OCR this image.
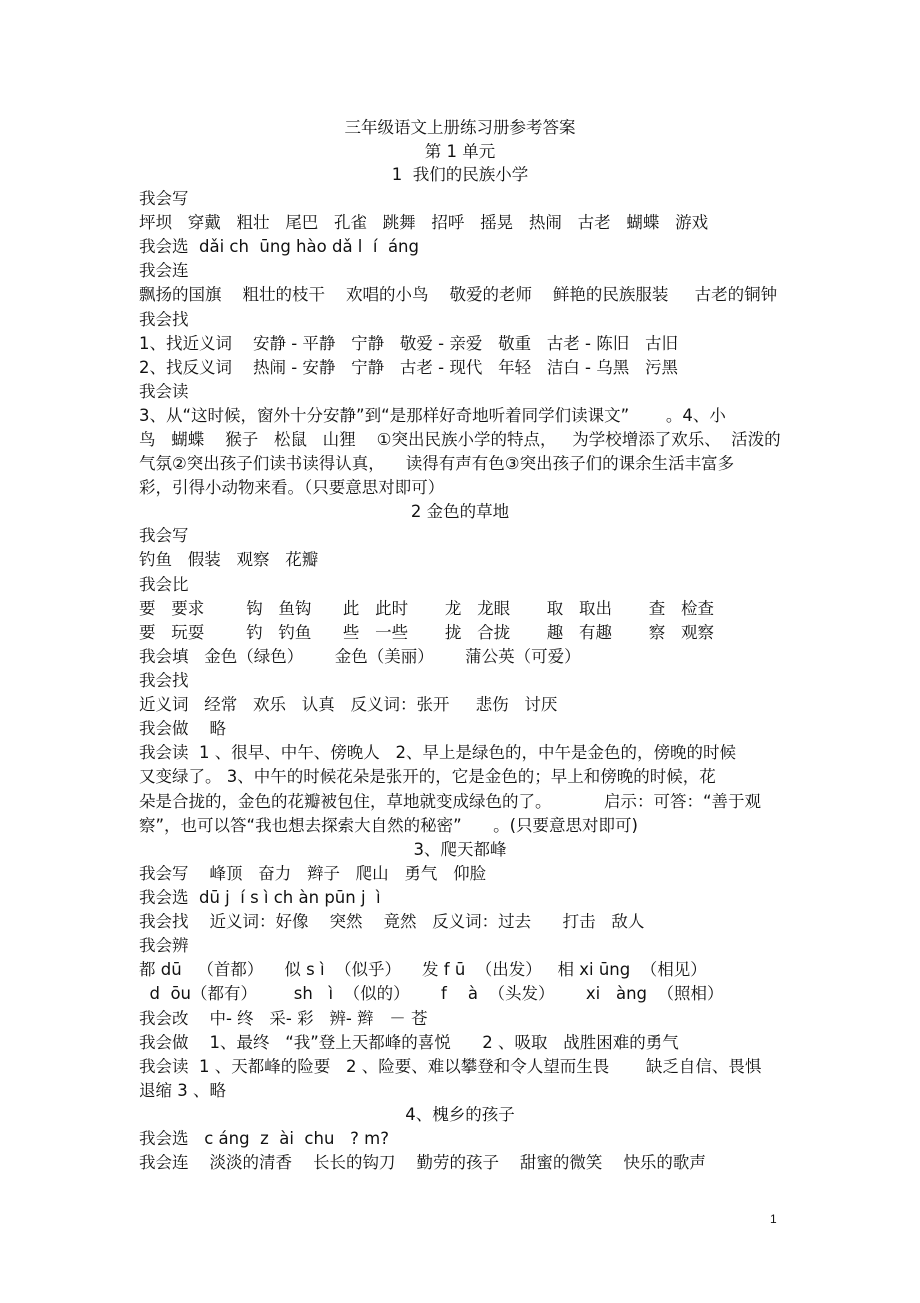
三年级语文上册练习册参考答案

第 1 单元

1  我们的民族小学

我会写

坪坝   穿戴   粗壮   尾巴   孔雀   跳舞   招呼   摇晃   热闹   古老   蝴蝶   游戏

我会选  dǎi ch  ūng hào dǎ l  í  áng

我会连

飘扬的国旗    粗壮的枝干    欢唱的小鸟    敬爱的老师    鲜艳的民族服装     古老的铜钟

我会找

1、找近义词    安静 - 平静   宁静   敬爱 - 亲爱   敬重   古老 - 陈旧   古旧

2、找反义词    热闹 - 安静   宁静   古老 - 现代   年轻   洁白 - 乌黑   污黑

我会读

3、从“这时候，窗外十分安静”到“是那样好奇地听着同学们读课文”       。4、小

鸟   蝴蝶    猴子   松鼠   山狸    ①突出民族小学的特点，   为学校增添了欢乐、  活泼的

气氛②突出孩子们读书读得认真，    读得有声有色③突出孩子们的课余生活丰富多

彩，引得小动物来看。（只要意思对即可）

2 金色的草地

我会写

钓鱼   假装   观察   花瓣

我会比

要   要求        钩   鱼钩      此   此时       龙   龙眼       取   取出       查   检查

要   玩耍        钓   钓鱼      些   一些       拢   合拢       趣   有趣       察   观察

我会填   金色（绿色）      金色（美丽）      蒲公英（可爱）

我会找

近义词   经常   欢乐   认真   反义词：张开     悲伤   讨厌

我会做    略

我会读  1 、很早、中午、傍晚人   2、早上是绿色的，中午是金色的，傍晚的时候

又变绿了。 3、中午的时候花朵是张开的，它是金色的；早上和傍晚的时候，花

朵是合拢的，金色的花瓣被包住，草地就变成绿色的了。          启示：可答：“善于观

察”，也可以答“我也想去探索大自然的秘密”      。(只要意思对即可)

3、爬天都峰

我会写    峰顶   奋力   辫子   爬山   勇气   仰脸

我会选  dū j  í s ì ch àn pūn j  ì

我会找    近义词：好像    突然    竟然   反义词：过去      打击   敌人

我会辨

都 dū   （首都）    似 s ì  （似乎）    发 f ū  （出发）   相 xi ūng  （相见）

d  ōu（都有）       sh   ì  （似的）      f    à  （头发）      xi   àng  （照相）

我会改    中- 终   采- 彩   辨- 辫   － 苍

我会做    1、最终   “我”登上天都峰的喜悦      2 、吸取   战胜困难的勇气

我会读  1 、天都峰的险要   2 、险要、难以攀登和令人望而生畏       缺乏自信、畏惧

退缩 3 、略

4、槐乡的孩子

我会选   c áng  z  ài  chu   ? m?

我会连    淡淡的清香    长长的钩刀    勤劳的孩子    甜蜜的微笑    快乐的歌声

1
